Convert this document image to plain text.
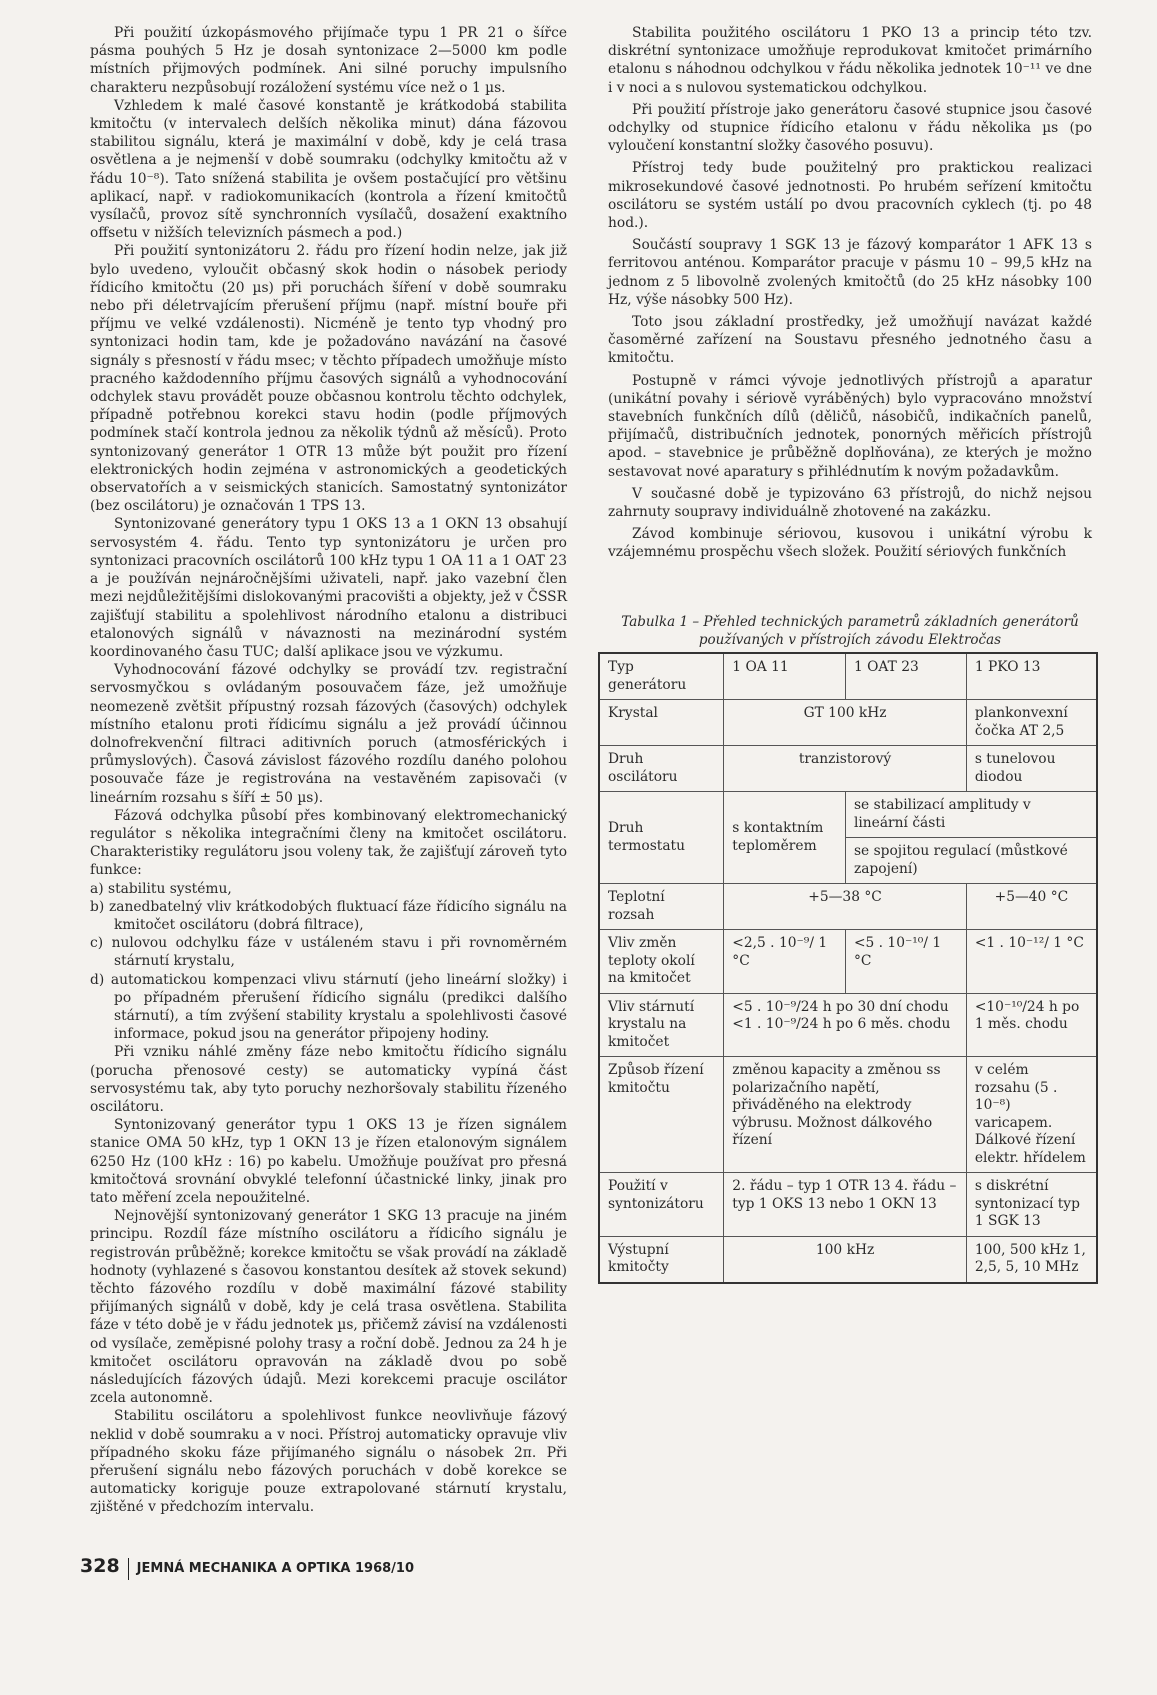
Při použití úzkopásmového přijímače typu 1 PR 21 o šířce pásma pouhých 5 Hz je dosah syntonizace 2—5000 km podle místních přijmových podmínek. Ani silné poruchy impulsního charakteru nezpůsobují rozáložení systému více než o 1 µs.

Vzhledem k malé časové konstantě je krátkodobá stabilita kmitočtu (v intervalech delších několika minut) dána fázovou stabilitou signálu, která je maximální v době, kdy je celá trasa osvětlena a je nejmenší v době soumraku (odchylky kmitočtu až v řádu 10⁻⁸). Tato snížená stabilita je ovšem postačující pro většinu aplikací, např. v radiokomunikacích (kontrola a řízení kmitočtů vysílačů, provoz sítě synchronních vysílačů, dosažení exaktního offsetu v nižších televizních pásmech a pod.)

Při použití syntonizátoru 2. řádu pro řízení hodin nelze, jak již bylo uvedeno, vyloučit občasný skok hodin o násobek periody řídicího kmitočtu (20 µs) při poruchách šíření v době soumraku nebo při déletrvajícím přerušení příjmu (např. místní bouře při příjmu ve velké vzdálenosti). Nicméně je tento typ vhodný pro syntonizaci hodin tam, kde je požadováno navázání na časové signály s přesností v řádu msec; v těchto případech umožňuje místo pracného každodenního příjmu časových signálů a vyhodnocování odchylek stavu provádět pouze občasnou kontrolu těchto odchylek, případně potřebnou korekci stavu hodin (podle příjmových podmínek stačí kontrola jednou za několik týdnů až měsíců). Proto syntonizovaný generátor 1 OTR 13 může být použit pro řízení elektronických hodin zejména v astronomických a geodetických observatořích a v seismických stanicích. Samostatný syntonizátor (bez oscilátoru) je označován 1 TPS 13.

Syntonizované generátory typu 1 OKS 13 a 1 OKN 13 obsahují servosystém 4. řádu. Tento typ syntonizátoru je určen pro syntonizaci pracovních oscilátorů 100 kHz typu 1 OA 11 a 1 OAT 23 a je používán nejnáročnějšími uživateli, např. jako vazební člen mezi nejdůležitějšími dislokovanými pracovišti a objekty, jež v ČSSR zajišťují stabilitu a spolehlivost národního etalonu a distribuci etalonových signálů v návaznosti na mezinárodní systém koordinovaného času TUC; další aplikace jsou ve výzkumu.

Vyhodnocování fázové odchylky se provádí tzv. registrační servosmyčkou s ovládaným posouvačem fáze, jež umožňuje neomezeně zvětšit přípustný rozsah fázových (časových) odchylek místního etalonu proti řídicímu signálu a jež provádí účinnou dolnofrekvenční filtraci aditivních poruch (atmosférických i průmyslových). Časová závislost fázového rozdílu daného polohou posouvače fáze je registrována na vestavěném zapisovači (v lineárním rozsahu s šíří ± 50 µs).

Fázová odchylka působí přes kombinovaný elektromechanický regulátor s několika integračními členy na kmitočet oscilátoru. Charakteristiky regulátoru jsou voleny tak, že zajišťují zároveň tyto funkce:

a) stabilitu systému,
b) zanedbatelný vliv krátkodobých fluktuací fáze řídicího signálu na kmitočet oscilátoru (dobrá filtrace),
c) nulovou odchylku fáze v ustáleném stavu i při rovnoměrném stárnutí krystalu,
d) automatickou kompenzaci vlivu stárnutí (jeho lineární složky) i po případném přerušení řídicího signálu (predikci dalšího stárnutí), a tím zvýšení stability krystalu a spolehlivosti časové informace, pokud jsou na generátor připojeny hodiny.

Při vzniku náhlé změny fáze nebo kmitočtu řídicího signálu (porucha přenosové cesty) se automaticky vypíná část servosystému tak, aby tyto poruchy nezhoršovaly stabilitu řízeného oscilátoru.

Syntonizovaný generátor typu 1 OKS 13 je řízen signálem stanice OMA 50 kHz, typ 1 OKN 13 je řízen etalonovým signálem 6250 Hz (100 kHz : 16) po kabelu. Umožňuje používat pro přesná kmitočtová srovnání obvyklé telefonní účastnické linky, jinak pro tato měření zcela nepoužitelné.

Nejnovější syntonizovaný generátor 1 SKG 13 pracuje na jiném principu. Rozdíl fáze místního oscilátoru a řídicího signálu je registrován průběžně; korekce kmitočtu se však provádí na základě hodnoty (vyhlazené s časovou konstantou desítek až stovek sekund) těchto fázového rozdílu v době maximální fázové stability přijímaných signálů v době, kdy je celá trasa osvětlena. Stabilita fáze v této době je v řádu jednotek µs, přičemž závisí na vzdálenosti od vysílače, zeměpisné polohy trasy a roční době. Jednou za 24 h je kmitočet oscilátoru opravován na základě dvou po sobě následujících fázových údajů. Mezi korekcemi pracuje oscilátor zcela autonomně.

Stabilitu oscilátoru a spolehlivost funkce neovlivňuje fázový neklid v době soumraku a v noci. Přístroj automaticky opravuje vliv případného skoku fáze přijímaného signálu o násobek 2π. Při přerušení signálu nebo fázových poruchách v době korekce se automaticky koriguje pouze extrapolované stárnutí krystalu, zjištěné v předchozím intervalu.

Stabilita použitého oscilátoru 1 PKO 13 a princip této tzv. diskrétní syntonizace umožňuje reprodukovat kmitočet primárního etalonu s náhodnou odchylkou v řádu několika jednotek 10⁻¹¹ ve dne i v noci a s nulovou systematickou odchylkou.

Při použití přístroje jako generátoru časové stupnice jsou časové odchylky od stupnice řídicího etalonu v řádu několika µs (po vyloučení konstantní složky časového posuvu).

Přístroj tedy bude použitelný pro praktickou realizaci mikrosekundové časové jednotnosti. Po hrubém seřízení kmitočtu oscilátoru se systém ustálí po dvou pracovních cyklech (tj. po 48 hod.).

Součástí soupravy 1 SGK 13 je fázový komparátor 1 AFK 13 s ferritovou anténou. Komparátor pracuje v pásmu 10 – 99,5 kHz na jednom z 5 libovolně zvolených kmitočtů (do 25 kHz násobky 100 Hz, výše násobky 500 Hz).

Toto jsou základní prostředky, jež umožňují navázat každé časoměrné zařízení na Soustavu přesného jednotného času a kmitočtu.

Postupně v rámci vývoje jednotlivých přístrojů a aparatur (unikátní povahy i sériově vyráběných) bylo vypracováno množství stavebních funkčních dílů (děličů, násobičů, indikačních panelů, přijímačů, distribučních jednotek, ponorných měřicích přístrojů apod. – stavebnice je průběžně doplňována), ze kterých je možno sestavovat nové aparatury s přihlédnutím k novým požadavkům.

V současné době je typizováno 63 přístrojů, do nichž nejsou zahrnuty soupravy individuálně zhotovené na zakázku.

Závod kombinuje sériovou, kusovou i unikátní výrobu k vzájemnému prospěchu všech složek. Použití sériových funkčních

Tabulka 1 – Přehled technických parametrů základních generátorů používaných v přístrojích závodu Elektročas
Typ generátoru	1 OA 11	1 OAT 23	1 PKO 13
Krystal	GT 100 kHz		plankonvexní čočka AT 2,5
Druh oscilátoru	tranzistorový		s tunelovou diodou
Druh termostatu	s kontaktním teploměrem	se stabilizací amplitudy v lineární části	
		se spojitou regulací (můstkové zapojení)	
Teplotní rozsah	+5—38 °C		+5—40 °C
Vliv změn teploty okolí na kmitočet	<2,5 . 10⁻⁹/ 1 °C	<5 . 10⁻¹⁰/ 1 °C	<1 . 10⁻¹²/ 1 °C
Vliv stárnutí krystalu na kmitočet	<5 . 10⁻⁹/24 h po 30 dní chodu <1 . 10⁻⁹/24 h po 6 měs. chodu		<10⁻¹⁰/24 h po 1 měs. chodu
Způsob řízení kmitočtu	změnou kapacity a změnou ss polarizačního napětí, přiváděného na elektrody výbrusu. Možnost dálkového řízení		v celém rozsahu (5 . 10⁻⁸) varicapem. Dálkové řízení elektr. hřídelem
Použití v syntonizátoru	2. řádu – typ 1 OTR 13 4. řádu – typ 1 OKS 13 nebo 1 OKN 13		s diskrétní syntonizací typ 1 SGK 13
Výstupní kmitočty	100 kHz		100, 500 kHz 1, 2,5, 5, 10 MHz
328 JEMNÁ MECHANIKA A OPTIKA 1968/10
